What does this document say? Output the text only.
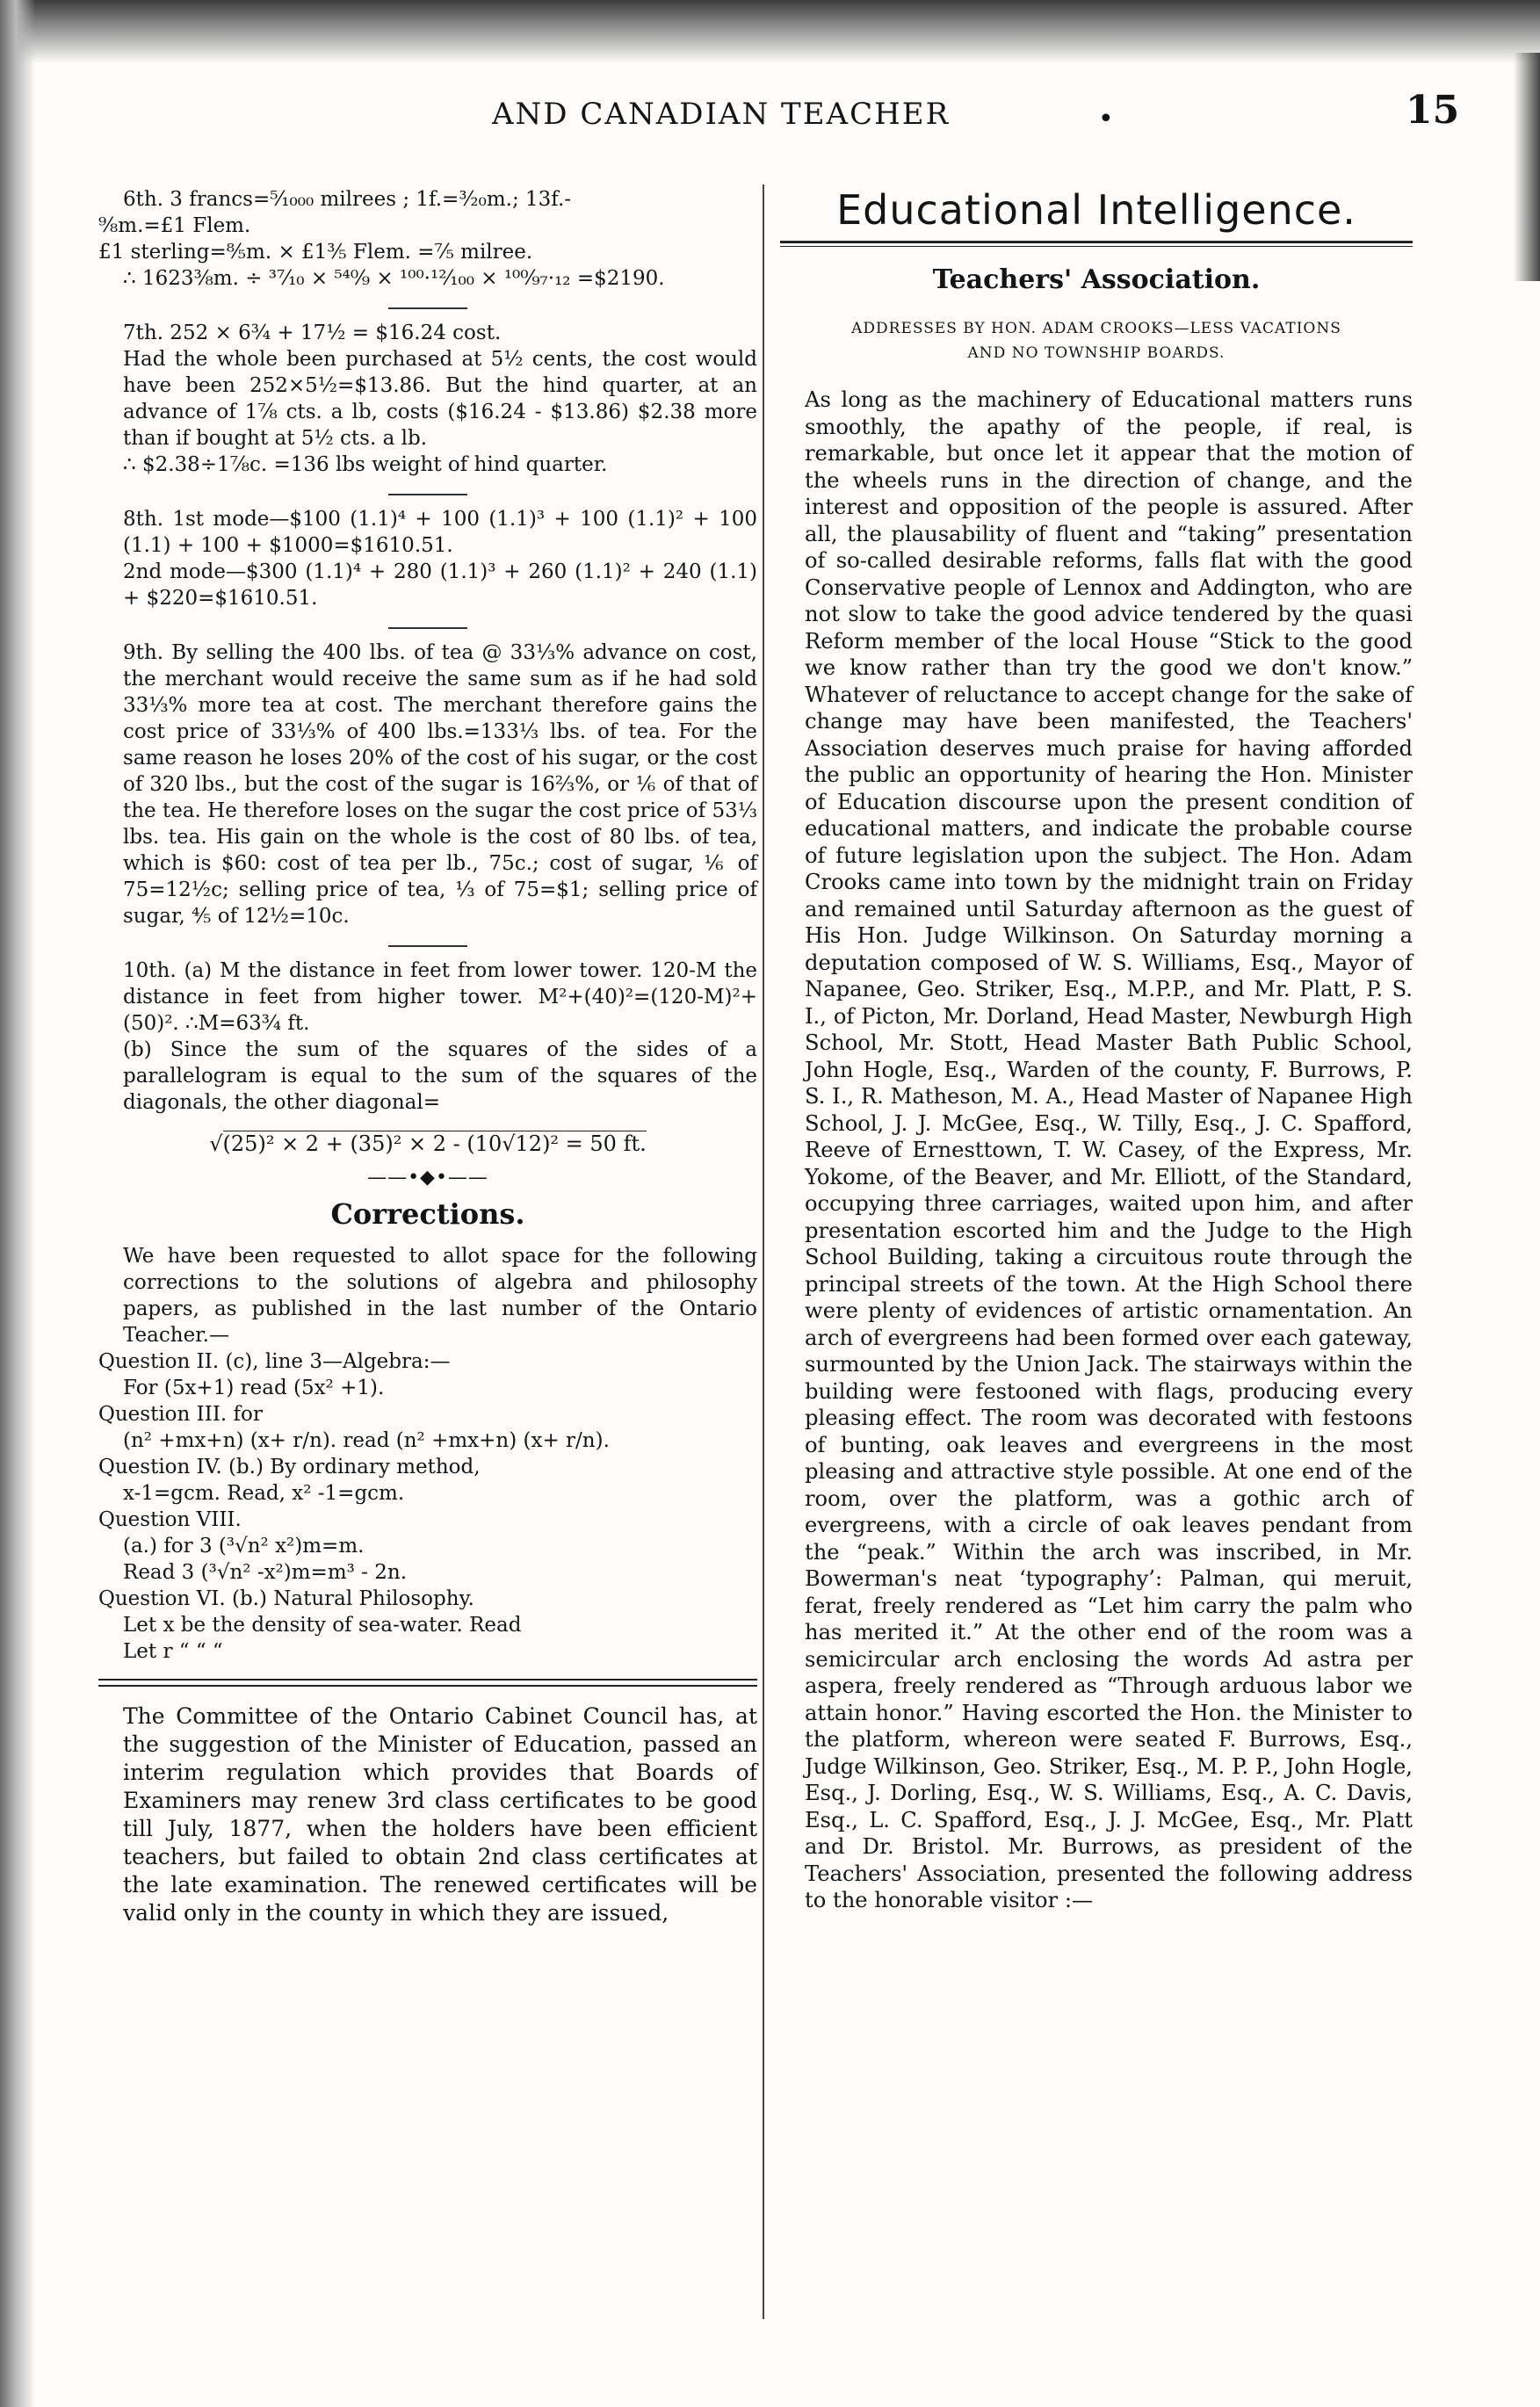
AND CANADIAN TEACHER	•	15
6th. 3 francs=⁵⁄₁₀₀₀ milrees ; 1f.=³⁄₂₀m.; 13f.-
⁹⁄₈m.=£1 Flem.
£1 sterling=⁸⁄₅m. × £1⅗ Flem. =⁷⁄₅ milree.
∴ 1623⅜m. ÷ ³⁷⁄₁₀ × ⁵⁴⁰⁄₉ × ¹⁰⁰·¹²⁄₁₀₀ × ¹⁰⁰⁄₉₇·₁₂ =$2190.
7th. 252 × 6¾ + 17½ = $16.24 cost.
Had the whole been purchased at 5½ cents, the cost would have been 252×5½=$13.86. But the hind quarter, at an advance of 1⅞ cts. a lb, costs ($16.24 - $13.86) $2.38 more than if bought at 5½ cts. a lb.
∴ $2.38÷1⅞c. =136 lbs weight of hind quarter.
8th. 1st mode—$100 (1.1)⁴ + 100 (1.1)³ + 100 (1.1)² + 100 (1.1) + 100 + $1000=$1610.51.
2nd mode—$300 (1.1)⁴ + 280 (1.1)³ + 260 (1.1)² + 240 (1.1) + $220=$1610.51.
9th. By selling the 400 lbs. of tea @ 33⅓% advance on cost, the merchant would receive the same sum as if he had sold 33⅓% more tea at cost. The merchant therefore gains the cost price of 33⅓% of 400 lbs.=133⅓ lbs. of tea. For the same reason he loses 20% of the cost of his sugar, or the cost of 320 lbs., but the cost of the sugar is 16⅔%, or ⅙ of that of the tea. He therefore loses on the sugar the cost price of 53⅓ lbs. tea. His gain on the whole is the cost of 80 lbs. of tea, which is $60: cost of tea per lb., 75c.; cost of sugar, ⅙ of 75=12½c; selling price of tea, ⅓ of 75=$1; selling price of sugar, ⅘ of 12½=10c.
10th. (a) M the distance in feet from lower tower. 120-M the distance in feet from higher tower. M²+(40)²=(120-M)²+(50)². ∴M=63¾ ft.
(b) Since the sum of the squares of the sides of a parallelogram is equal to the sum of the squares of the diagonals, the other diagonal=
√(25)² × 2 + (35)² × 2 - (10√12)² = 50 ft.
——•◆•——
Corrections.
We have been requested to allot space for the following corrections to the solutions of algebra and philosophy papers, as published in the last number of the Ontario Teacher.—
Question II. (c), line 3—Algebra:—
For (5x+1) read (5x² +1).
Question III. for
(n² +mx+n) (x+ r/n). read (n² +mx+n) (x+ r/n).
Question IV. (b.) By ordinary method,
x-1=gcm. Read, x² -1=gcm.
Question VIII.
(a.) for 3 (³√n² x²)m=m.
Read 3 (³√n² -x²)m=m³ - 2n.
Question VI. (b.) Natural Philosophy.
Let x be the density of sea-water. Read
Let r “ “ “
The Committee of the Ontario Cabinet Council has, at the suggestion of the Minister of Education, passed an interim regulation which provides that Boards of Examiners may renew 3rd class certificates to be good till July, 1877, when the holders have been efficient teachers, but failed to obtain 2nd class certificates at the late examination. The renewed certificates will be valid only in the county in which they are issued,
Educational Intelligence.
Teachers' Association.
ADDRESSES BY HON. ADAM CROOKS—LESS VACATIONS
AND NO TOWNSHIP BOARDS.
As long as the machinery of Educational matters runs smoothly, the apathy of the people, if real, is remarkable, but once let it appear that the motion of the wheels runs in the direction of change, and the interest and opposition of the people is assured. After all, the plausability of fluent and “taking” presentation of so-called desirable reforms, falls flat with the good Conservative people of Lennox and Addington, who are not slow to take the good advice tendered by the quasi Reform member of the local House “Stick to the good we know rather than try the good we don't know.” Whatever of reluctance to accept change for the sake of change may have been manifested, the Teachers' Association deserves much praise for having afforded the public an opportunity of hearing the Hon. Minister of Education discourse upon the present condition of educational matters, and indicate the probable course of future legislation upon the subject. The Hon. Adam Crooks came into town by the midnight train on Friday and remained until Saturday afternoon as the guest of His Hon. Judge Wilkinson. On Saturday morning a deputation composed of W. S. Williams, Esq., Mayor of Napanee, Geo. Striker, Esq., M.P.P., and Mr. Platt, P. S. I., of Picton, Mr. Dorland, Head Master, Newburgh High School, Mr. Stott, Head Master Bath Public School, John Hogle, Esq., Warden of the county, F. Burrows, P. S. I., R. Matheson, M. A., Head Master of Napanee High School, J. J. McGee, Esq., W. Tilly, Esq., J. C. Spafford, Reeve of Ernesttown, T. W. Casey, of the Express, Mr. Yokome, of the Beaver, and Mr. Elliott, of the Standard, occupying three carriages, waited upon him, and after presentation escorted him and the Judge to the High School Building, taking a circuitous route through the principal streets of the town. At the High School there were plenty of evidences of artistic ornamentation. An arch of evergreens had been formed over each gateway, surmounted by the Union Jack. The stairways within the building were festooned with flags, producing every pleasing effect. The room was decorated with festoons of bunting, oak leaves and evergreens in the most pleasing and attractive style possible. At one end of the room, over the platform, was a gothic arch of evergreens, with a circle of oak leaves pendant from the “peak.” Within the arch was inscribed, in Mr. Bowerman's neat ‘typography’: Palman, qui meruit, ferat, freely rendered as “Let him carry the palm who has merited it.” At the other end of the room was a semicircular arch enclosing the words Ad astra per aspera, freely rendered as “Through arduous labor we attain honor.” Having escorted the Hon. the Minister to the platform, whereon were seated F. Burrows, Esq., Judge Wilkinson, Geo. Striker, Esq., M. P. P., John Hogle, Esq., J. Dorling, Esq., W. S. Williams, Esq., A. C. Davis, Esq., L. C. Spafford, Esq., J. J. McGee, Esq., Mr. Platt and Dr. Bristol. Mr. Burrows, as president of the Teachers' Association, presented the following address to the honorable visitor :—
